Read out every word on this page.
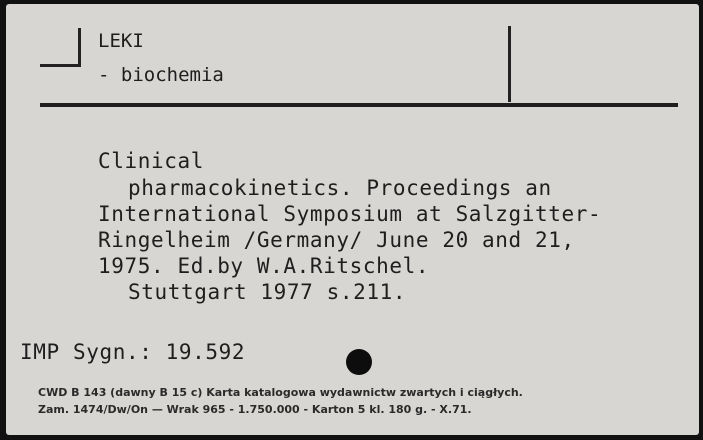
LEKI
- biochemia
Clinical
pharmacokinetics. Proceedings an
International Symposium at Salzgitter-
Ringelheim /Germany/ June 20 and 21,
1975. Ed.by W.A.Ritschel.
Stuttgart 1977 s.211.
IMP Sygn.: 19.592
CWD B 143 (dawny B 15 c) Karta katalogowa wydawnictw zwartych i ciągłych.
Zam. 1474/Dw/On — Wrak 965 - 1.750.000 - Karton 5 kl. 180 g. - X.71.
